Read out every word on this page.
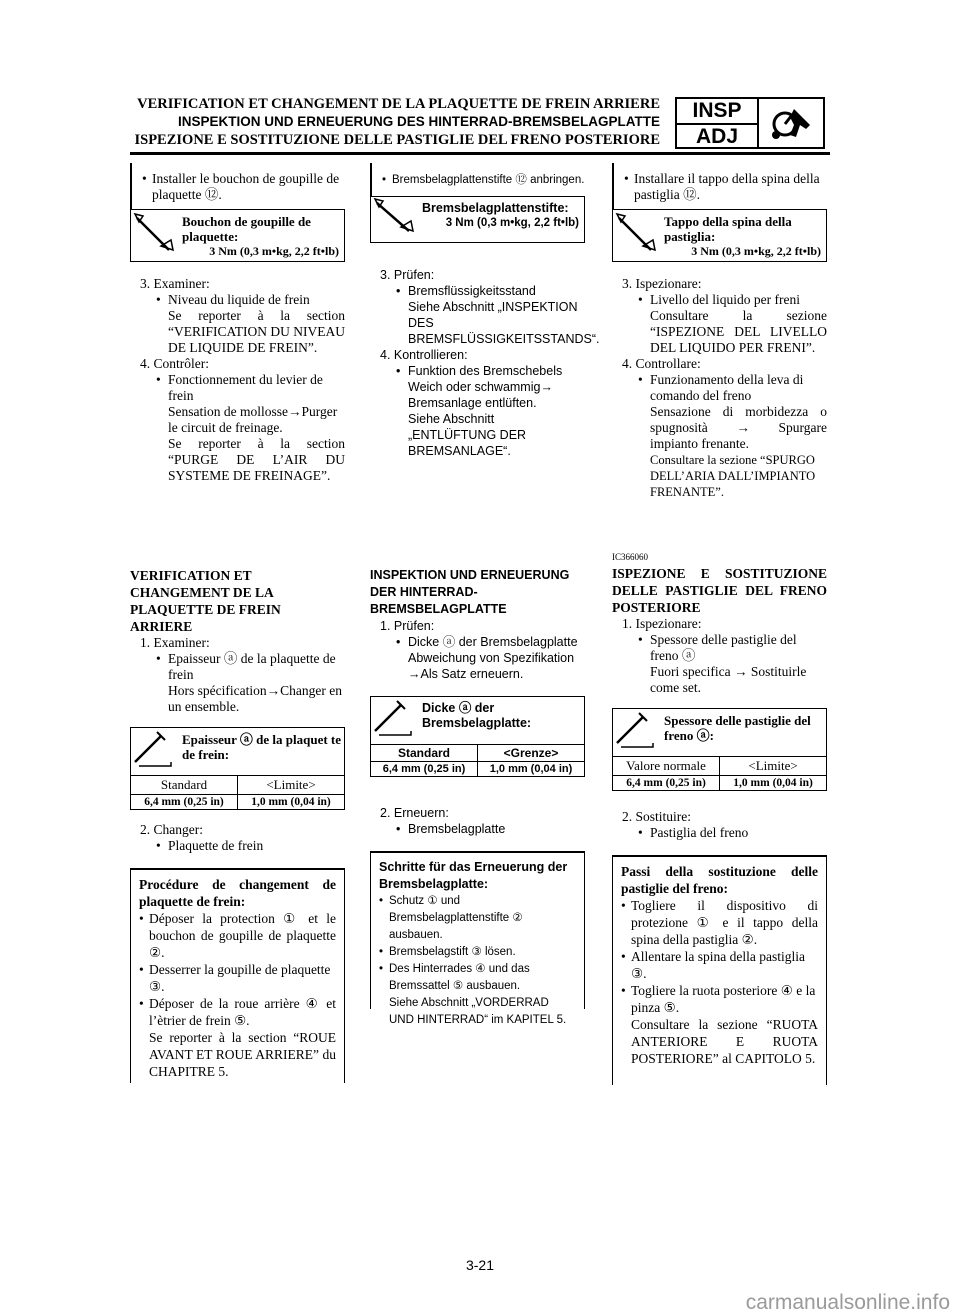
VERIFICATION ET CHANGEMENT DE LA PLAQUETTE DE FREIN ARRIERE
INSPEKTION UND ERNEUERUNG DES HINTERRAD-BREMSBELAGPLATTE
ISPEZIONE E SOSTITUZIONE DELLE PASTIGLIE DEL FRENO POSTERIORE
INSP
ADJ
• Installer le bouchon de goupille de plaquette ⑫.
Bouchon de goupille de plaquette:
3 Nm (0,3 m•kg, 2,2 ft•lb)
3. Examiner:
• Niveau du liquide de frein
Se reporter à la section “VERIFICATION DU NIVEAU DE LIQUIDE DE FREIN”.
4. Contrôler:
• Fonctionnement du levier de frein
Sensation de mollosse→Purger le circuit de freinage.
Se reporter à la section “PURGE DE L’AIR DU SYSTEME DE FREINAGE”.
VERIFICATION ET CHANGEMENT DE LA PLAQUETTE DE FREIN ARRIERE
1. Examiner:
• Epaisseur ⓐ de la plaquette de frein
Hors spécification→Changer en un ensemble.
Epaisseur ⓐ de la plaquet te de frein:
Standard	<Limite>
6,4 mm (0,25 in)	1,0 mm (0,04 in)
2. Changer:
• Plaquette de frein
Procédure de changement de plaquette de frein:
• Déposer la protection ① et le bouchon de goupille de plaquette ②.
• Desserrer la goupille de plaquette ③.
• Déposer de la roue arrière ④ et l’ètrier de frein ⑤.
Se reporter à la section “ROUE AVANT ET ROUE ARRIERE” du CHAPITRE 5.
• Bremsbelagplattenstifte ⑫ anbringen.
Bremsbelagplattenstifte:
3 Nm (0,3 m•kg, 2,2 ft•lb)
3. Prüfen:
• Bremsflüssigkeitsstand
Siehe Abschnitt „INSPEKTION DES BREMSFLÜSSIGKEITSSTANDS“.
4. Kontrollieren:
• Funktion des Bremschebels
Weich oder schwammig→ Bremsanlage entlüften.
Siehe Abschnitt „ENTLÜFTUNG DER BREMSANLAGE“.
INSPEKTION UND ERNEUERUNG DER HINTERRAD-BREMSBELAGPLATTE
1. Prüfen:
• Dicke ⓐ der Bremsbelagplatte
Abweichung von Spezifikation →Als Satz erneuern.
Dicke ⓐ der Bremsbelagplatte:
Standard	<Grenze>
6,4 mm (0,25 in)	1,0 mm (0,04 in)
2. Erneuern:
• Bremsbelagplatte
Schritte für das Erneuerung der Bremsbelagplatte:
• Schutz ① und Bremsbelagplattenstifte ② ausbauen.
• Bremsbelagstift ③ lösen.
• Des Hinterrades ④ und das Bremssattel ⑤ ausbauen.
Siehe Abschnitt „VORDERRAD UND HINTERRAD“ im KAPITEL 5.
• Installare il tappo della spina della pastiglia ⑫.
Tappo della spina della pastiglia:
3 Nm (0,3 m•kg, 2,2 ft•lb)
3. Ispezionare:
• Livello del liquido per freni
Consultare la sezione “ISPEZIONE DEL LIVELLO DEL LIQUIDO PER FRENI”.
4. Controllare:
• Funzionamento della leva di comando del freno
Sensazione di morbidezza o spugnosità → Spurgare impianto frenante.
Consultare la sezione “SPURGO DELL’ARIA DALL’IMPIANTO FRENANTE”.
IC366060
ISPEZIONE E SOSTITUZIONE DELLE PASTIGLIE DEL FRENO POSTERIORE
1. Ispezionare:
• Spessore delle pastiglie del freno ⓐ
Fuori specifica → Sostituirle come set.
Spessore delle pastiglie del freno ⓐ:
Valore normale	<Limite>
6,4 mm (0,25 in)	1,0 mm (0,04 in)
2. Sostituire:
• Pastiglia del freno
Passi della sostituzione delle pastiglie del freno:
• Togliere il dispositivo di protezione ① e il tappo della spina della pastiglia ②.
• Allentare la spina della pastiglia ③.
• Togliere la ruota posteriore ④ e la pinza ⑤.
Consultare la sezione “RUOTA ANTERIORE E RUOTA POSTERIORE” al CAPITOLO 5.
3-21
carmanualsonline.info
